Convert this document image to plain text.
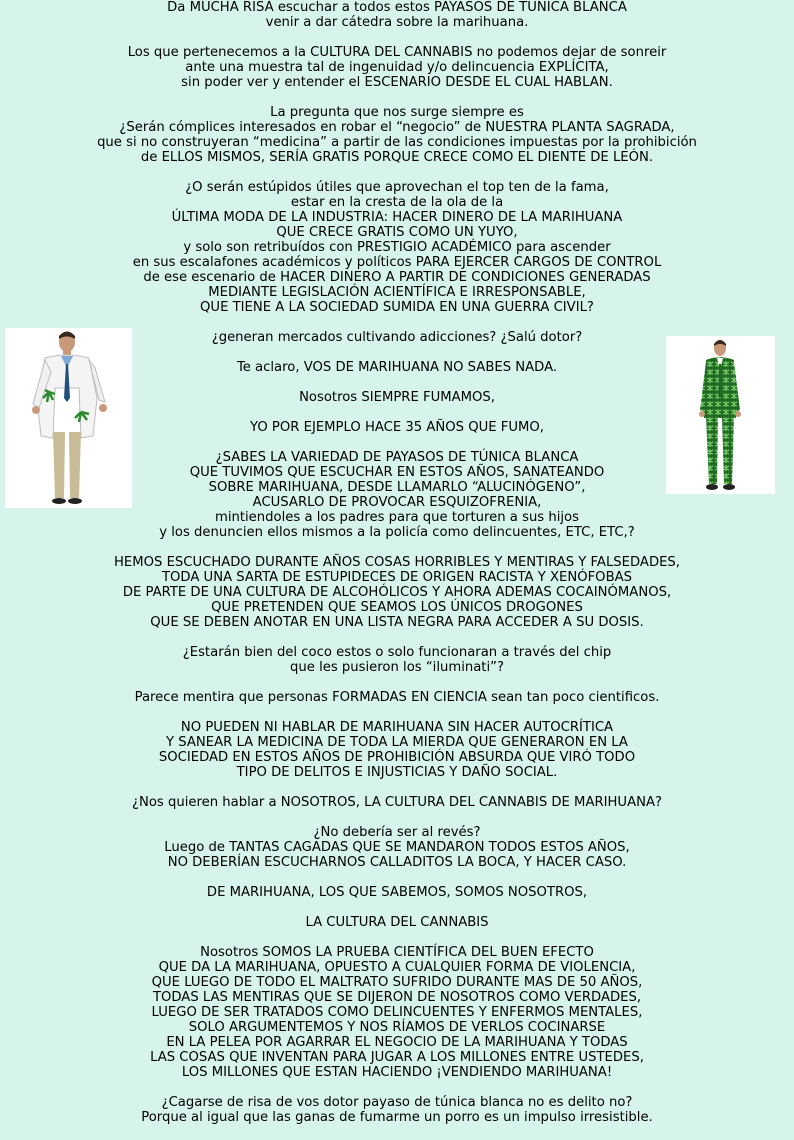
Da MUCHA RISA escuchar a todos estos PAYASOS DE TÚNICA BLANCA
venir a dar cátedra sobre la marihuana.
Los que pertenecemos a la CULTURA DEL CANNABIS no podemos dejar de sonreir
ante una muestra tal de ingenuidad y/o delincuencia EXPLÍCITA,
sin poder ver y entender el ESCENARIO DESDE EL CUAL HABLAN.
La pregunta que nos surge siempre es
¿Serán cómplices interesados en robar el “negocio” de NUESTRA PLANTA SAGRADA,
que si no construyeran “medicina” a partir de las condiciones impuestas por la prohibición
de ELLOS MISMOS, SERÍA GRATIS PORQUE CRECE COMO EL DIENTE DE LEÓN.
¿O serán estúpidos útiles que aprovechan el top ten de la fama,
estar en la cresta de la ola de la
ÚLTIMA MODA DE LA INDUSTRIA: HACER DINERO DE LA MARIHUANA
QUE CRECE GRATIS COMO UN YUYO,
y solo son retribuídos con PRESTIGIO ACADÉMICO para ascender
en sus escalafones académicos y políticos PARA EJERCER CARGOS DE CONTROL
de ese escenario de HACER DINERO A PARTIR DE CONDICIONES GENERADAS
MEDIANTE LEGISLACIÓN ACIENTÍFICA E IRRESPONSABLE,
QUE TIENE A LA SOCIEDAD SUMIDA EN UNA GUERRA CIVIL?
¿generan mercados cultivando adicciones? ¿Salú dotor?
Te aclaro, VOS DE MARIHUANA NO SABES NADA.
Nosotros SIEMPRE FUMAMOS,
YO POR EJEMPLO HACE 35 AÑOS QUE FUMO,
¿SABES LA VARIEDAD DE PAYASOS DE TÚNICA BLANCA
QUE TUVIMOS QUE ESCUCHAR EN ESTOS AÑOS, SANATEANDO
SOBRE MARIHUANA, DESDE LLAMARLO “ALUCINÓGENO”,
ACUSARLO DE PROVOCAR ESQUIZOFRENIA,
mintiendoles a los padres para que torturen a sus hijos
y los denuncien ellos mismos a la policía como delincuentes, ETC, ETC,?
HEMOS ESCUCHADO DURANTE AÑOS COSAS HORRIBLES Y MENTIRAS Y FALSEDADES,
TODA UNA SARTA DE ESTUPIDECES DE ORIGEN RACISTA Y XENÓFOBAS
DE PARTE DE UNA CULTURA DE ALCOHÓLICOS Y AHORA ADEMAS COCAINÓMANOS,
QUE PRETENDEN QUE SEAMOS LOS ÚNICOS DROGONES
QUE SE DEBEN ANOTAR EN UNA LISTA NEGRA PARA ACCEDER A SU DOSIS.
¿Estarán bien del coco estos o solo funcionaran a través del chip
que les pusieron los “iluminati”?
Parece mentira que personas FORMADAS EN CIENCIA sean tan poco cientificos.
NO PUEDEN NI HABLAR DE MARIHUANA SIN HACER AUTOCRÍTICA
Y SANEAR LA MEDICINA DE TODA LA MIERDA QUE GENERARON EN LA
SOCIEDAD EN ESTOS AÑOS DE PROHIBICIÓN ABSURDA QUE VIRÓ TODO
TIPO DE DELITOS E INJUSTICIAS Y DAÑO SOCIAL.
¿Nos quieren hablar a NOSOTROS, LA CULTURA DEL CANNABIS DE MARIHUANA?
¿No debería ser al revés?
Luego de TANTAS CAGADAS QUE SE MANDARON TODOS ESTOS AÑOS,
NO DEBERÍAN ESCUCHARNOS CALLADITOS LA BOCA, Y HACER CASO.
DE MARIHUANA, LOS QUE SABEMOS, SOMOS NOSOTROS,
LA CULTURA DEL CANNABIS
Nosotros SOMOS LA PRUEBA CIENTÍFICA DEL BUEN EFECTO
QUE DA LA MARIHUANA, OPUESTO A CUALQUIER FORMA DE VIOLENCIA,
QUE LUEGO DE TODO EL MALTRATO SUFRIDO DURANTE MAS DE 50 AÑOS,
TODAS LAS MENTIRAS QUE SE DIJERON DE NOSOTROS COMO VERDADES,
LUEGO DE SER TRATADOS COMO DELINCUENTES Y ENFERMOS MENTALES,
SOLO ARGUMENTEMOS Y NOS RÍAMOS DE VERLOS COCINARSE
EN LA PELEA POR AGARRAR EL NEGOCIO DE LA MARIHUANA Y TODAS
LAS COSAS QUE INVENTAN PARA JUGAR A LOS MILLONES ENTRE USTEDES,
LOS MILLONES QUE ESTAN HACIENDO ¡VENDIENDO MARIHUANA!
¿Cagarse de risa de vos dotor payaso de túnica blanca no es delito no?
Porque al igual que las ganas de fumarme un porro es un impulso irresistible.
